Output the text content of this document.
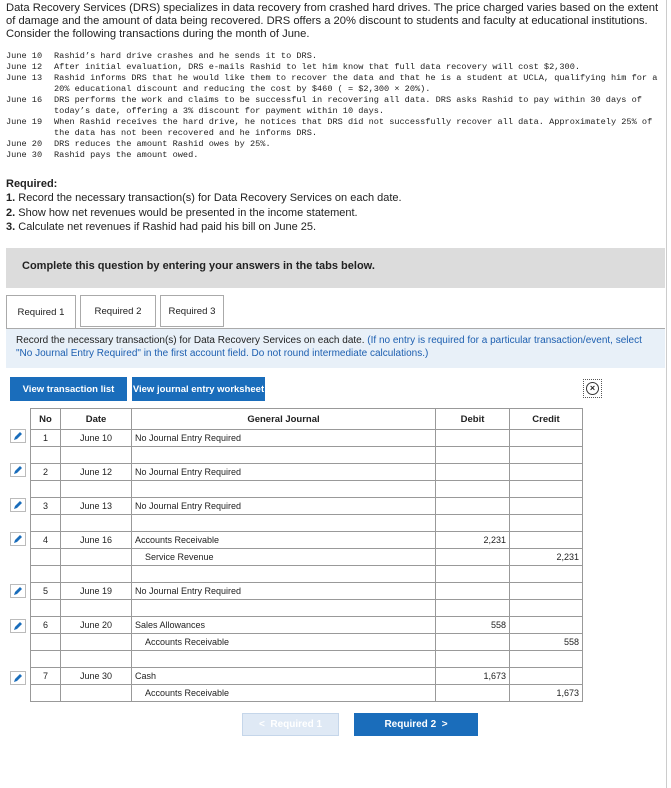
Data Recovery Services (DRS) specializes in data recovery from crashed hard drives. The price charged varies based on the extent of damage and the amount of data being recovered. DRS offers a 20% discount to students and faculty at educational institutions. Consider the following transactions during the month of June.
June 10	Rashid’s hard drive crashes and he sends it to DRS.
June 12	After initial evaluation, DRS e-mails Rashid to let him know that full data recovery will cost $2,300.
June 13	Rashid informs DRS that he would like them to recover the data and that he is a student at UCLA, qualifying him for a 20% educational discount and reducing the cost by $460 ( = $2,300 × 20%).
June 16	DRS performs the work and claims to be successful in recovering all data. DRS asks Rashid to pay within 30 days of today’s date, offering a 3% discount for payment within 10 days.
June 19	When Rashid receives the hard drive, he notices that DRS did not successfully recover all data. Approximately 25% of the data has not been recovered and he informs DRS.
June 20	DRS reduces the amount Rashid owes by 25%.
June 30	Rashid pays the amount owed.
Required:
1. Record the necessary transaction(s) for Data Recovery Services on each date.
2. Show how net revenues would be presented in the income statement.
3. Calculate net revenues if Rashid had paid his bill on June 25.
Complete this question by entering your answers in the tabs below.
Required 1	Required 2	Required 3
Record the necessary transaction(s) for Data Recovery Services on each date. (If no entry is required for a particular transaction/event, select "No Journal Entry Required" in the first account field. Do not round intermediate calculations.)
View transaction list	View journal entry worksheet	×
No	Date	General Journal	Debit	Credit
1	June 10	No Journal Entry Required		

2	June 12	No Journal Entry Required		

3	June 13	No Journal Entry Required		

4	June 16	Accounts Receivable	2,231	
		Service Revenue		2,231

5	June 19	No Journal Entry Required		

6	June 20	Sales Allowances	558	
		Accounts Receivable		558

7	June 30	Cash	1,673	
		Accounts Receivable		1,673
< Required 1	Required 2 >
